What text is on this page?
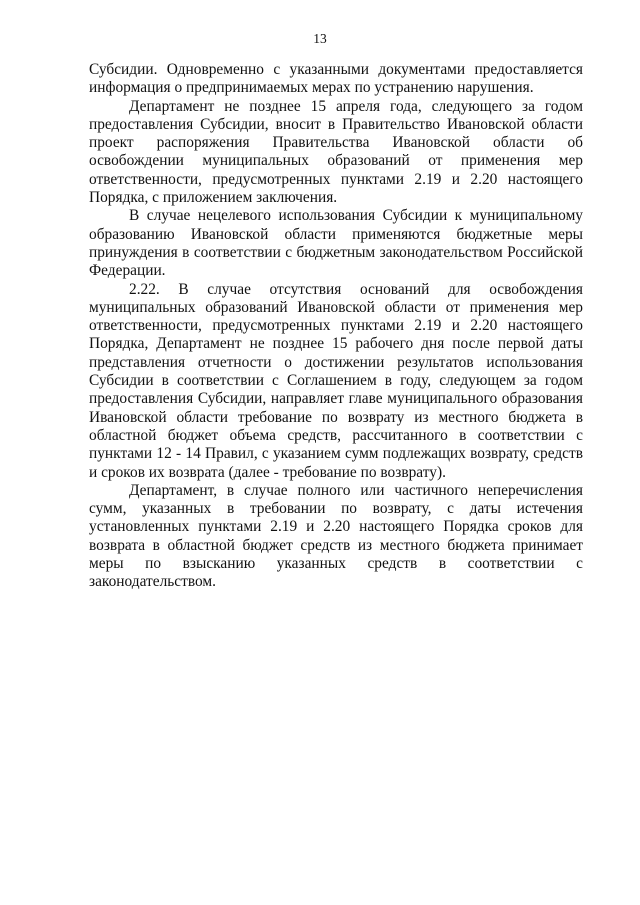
13

Субсидии. Одновременно с указанными документами предоставляется информация о предпринимаемых мерах по устранению нарушения.

Департамент не позднее 15 апреля года, следующего за годом предоставления Субсидии, вносит в Правительство Ивановской области проект распоряжения Правительства Ивановской области об освобождении муниципальных образований от применения мер ответственности, предусмотренных пунктами 2.19 и 2.20 настоящего Порядка, с приложением заключения.

В случае нецелевого использования Субсидии к муниципальному образованию Ивановской области применяются бюджетные меры принуждения в соответствии с бюджетным законодательством Российской Федерации.

2.22. В случае отсутствия оснований для освобождения муниципальных образований Ивановской области от применения мер ответственности, предусмотренных пунктами 2.19 и 2.20 настоящего Порядка, Департамент не позднее 15 рабочего дня после первой даты представления отчетности о достижении результатов использования Субсидии в соответствии с Соглашением в году, следующем за годом предоставления Субсидии, направляет главе муниципального образования Ивановской области требование по возврату из местного бюджета в областной бюджет объема средств, рассчитанного в соответствии с пунктами 12 - 14 Правил, с указанием сумм подлежащих возврату, средств и сроков их возврата (далее - требование по возврату).

Департамент, в случае полного или частичного неперечисления сумм, указанных в требовании по возврату, с даты истечения установленных пунктами 2.19 и 2.20 настоящего Порядка сроков для возврата в областной бюджет средств из местного бюджета принимает меры по взысканию указанных средств в соответствии с законодательством.
